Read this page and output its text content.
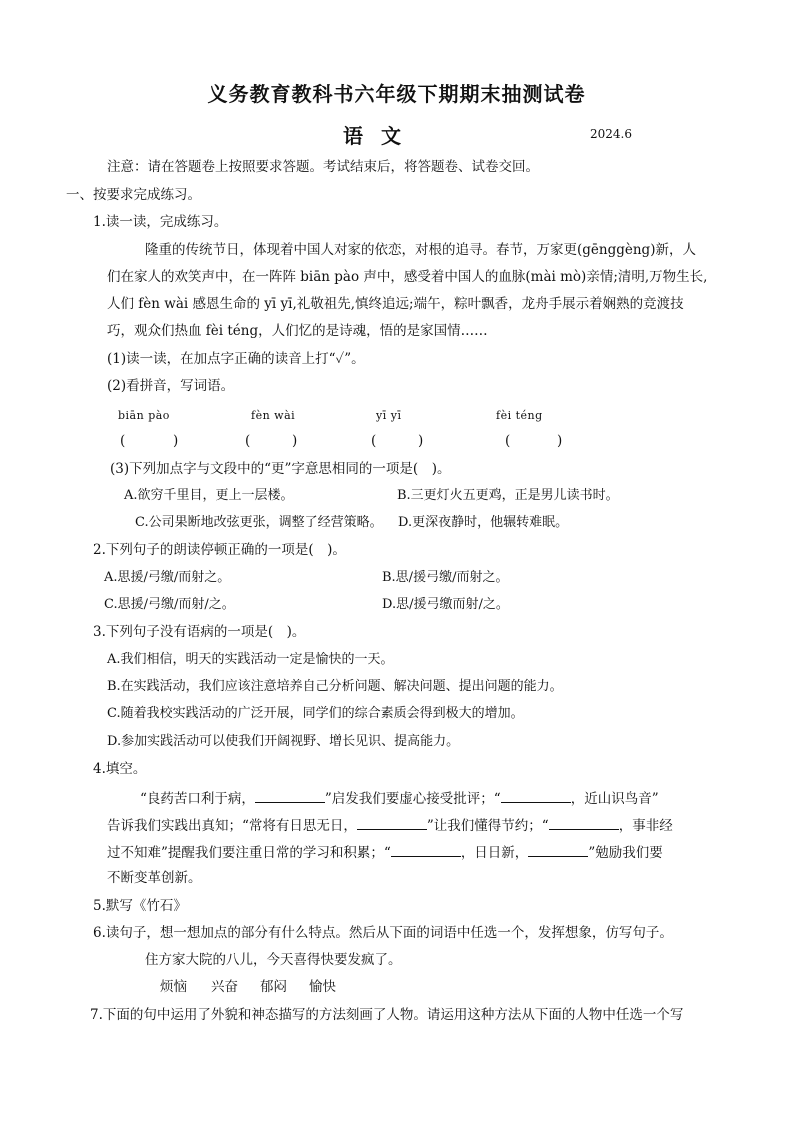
义务教育教科书六年级下期期末抽测试卷
语文	2024.6
注意：请在答题卷上按照要求答题。考试结束后，将答题卷、试卷交回。
一、按要求完成练习。
1.读一读，完成练习。
隆重的传统节日，体现着中国人对家的依恋，对根的追寻。春节，万家更(gēnggèng)新，人
们在家人的欢笑声中，在一阵阵 biān pào 声中，感受着中国人的血脉(mài mò)亲情;清明,万物生长,
人们 fèn wài 感恩生命的 yī yī,礼敬祖先,慎终追远;端午，粽叶飘香，龙舟手展示着娴熟的竞渡技
巧，观众们热血 fèi téng，人们忆的是诗魂，悟的是家国情……
(1)读一读，在加点字正确的读音上打“✓”。
(2)看拼音，写词语。
biān pào	fèn wài	yī yī	fèi téng
(	)	(	)	(	)	(	)
(3)下列加点字与文段中的“更”字意思相同的一项是(　)。
A.欲穷千里目，更上一层楼。	B.三更灯火五更鸡，正是男儿读书时。
C.公司果断地改弦更张，调整了经营策略。 D.更深夜静时，他辗转难眠。
2.下列句子的朗读停顿正确的一项是(　)。
A.思援/弓缴/而射之。	B.思/援弓缴/而射之。
C.思援/弓缴/而射/之。	D.思/援弓缴而射/之。
3.下列句子没有语病的一项是(　)。
A.我们相信，明天的实践活动一定是愉快的一天。
B.在实践活动，我们应该注意培养自己分析问题、解决问题、提出问题的能力。
C.随着我校实践活动的广泛开展，同学们的综合素质会得到极大的增加。
D.参加实践活动可以使我们开阔视野、增长见识、提高能力。
4.填空。
“良药苦口利于病，	”启发我们要虚心接受批评；“	，近山识鸟音”
告诉我们实践出真知；“常将有日思无日，	”让我们懂得节约；“	，事非经
过不知难”提醒我们要注重日常的学习和积累；“	，日日新，	”勉励我们要
不断变革创新。
5.默写《竹石》
6.读句子，想一想加点的部分有什么特点。然后从下面的词语中任选一个，发挥想象，仿写句子。
住方家大院的八儿，今天喜得快要发疯了。
烦恼 兴奋 郁闷 愉快
7.下面的句中运用了外貌和神态描写的方法刻画了人物。请运用这种方法从下面的人物中任选一个写
